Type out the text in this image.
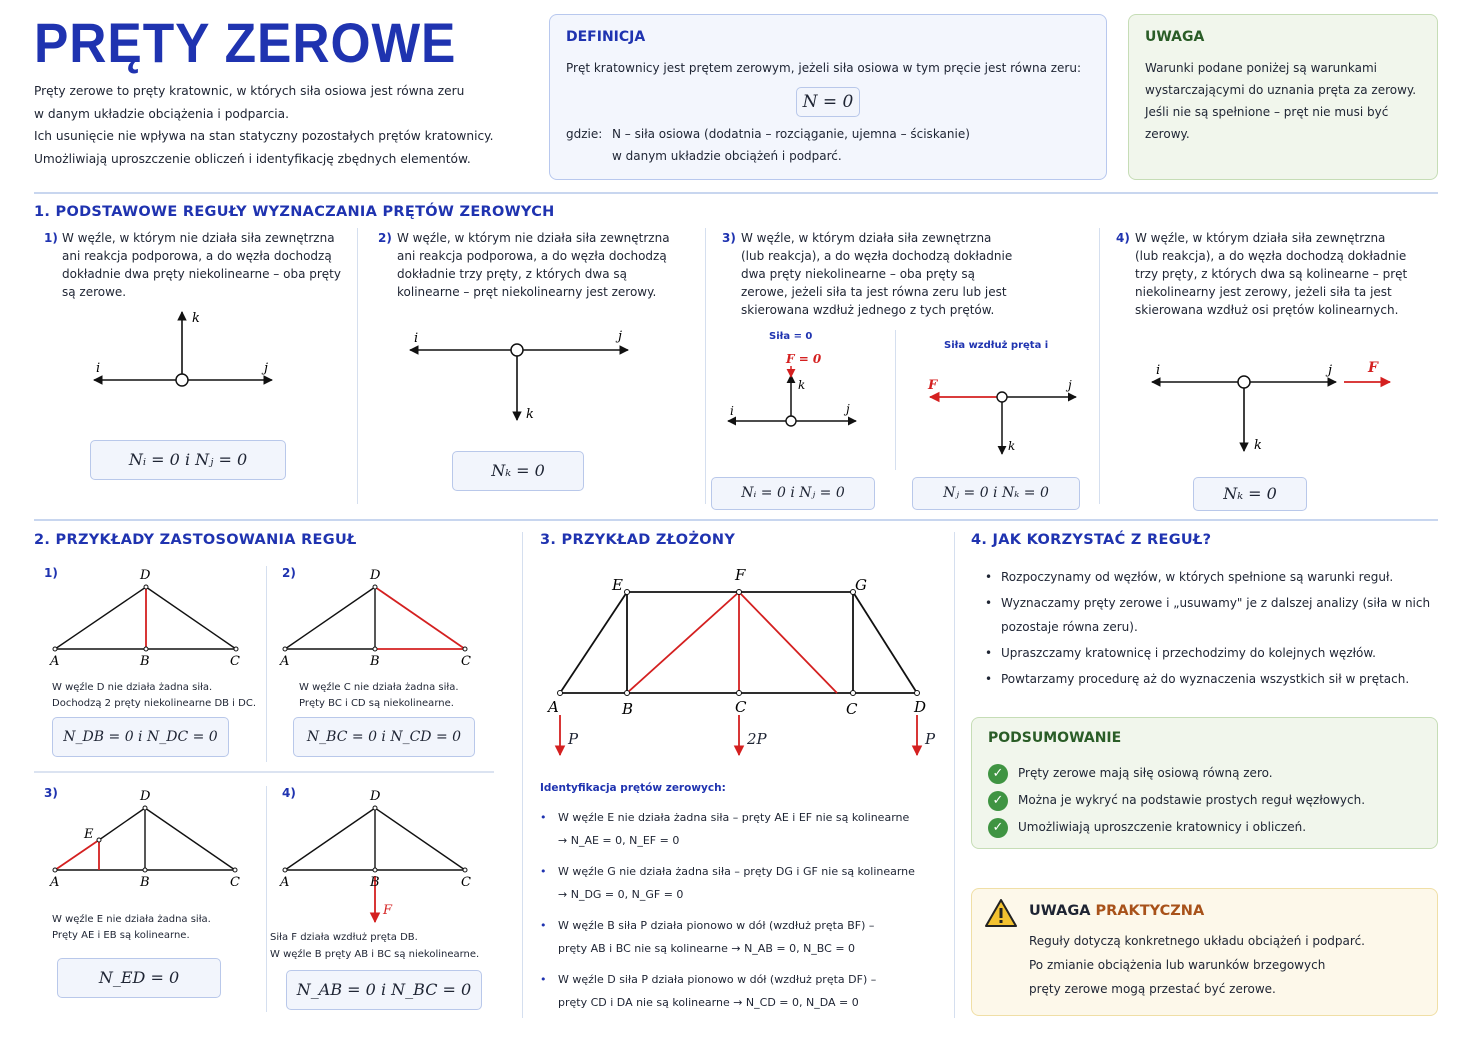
PRĘTY ZEROWE
Pręty zerowe to pręty kratownic, w których siła osiowa jest równa zeru
w danym układzie obciążenia i podparcia.
Ich usunięcie nie wpływa na stan statyczny pozostałych prętów kratownicy.
Umożliwiają uproszczenie obliczeń i identyfikację zbędnych elementów.
DEFINICJA
Pręt kratownicy jest prętem zerowym, jeżeli siła osiowa w tym pręcie jest równa zeru:
N = 0
gdzie: N – siła osiowa (dodatnia – rozciąganie, ujemna – ściskanie)
w danym układzie obciążeń i podparć.
UWAGA
Warunki podane poniżej są warunkami
wystarczającymi do uznania pręta za zerowy.
Jeśli nie są spełnione – pręt nie musi być
zerowy.
1. PODSTAWOWE REGUŁY WYZNACZANIA PRĘTÓW ZEROWYCH
1) W węźle, w którym nie działa siła zewnętrzna
ani reakcja podporowa, a do węzła dochodzą
dokładnie dwa pręty niekolinearne – oba pręty
są zerowe.
i	j
k
Nᵢ = 0 i Nⱼ = 0
2) W węźle, w którym nie działa siła zewnętrzna
ani reakcja podporowa, a do węzła dochodzą
dokładnie trzy pręty, z których dwa są
kolinearne – pręt niekolinearny jest zerowy.
i	j
k
Nₖ = 0
3) W węźle, w którym działa siła zewnętrzna
(lub reakcja), a do węzła dochodzą dokładnie
dwa pręty niekolinearne – oba pręty są
zerowe, jeżeli siła ta jest równa zeru lub jest
skierowana wzdłuż jednego z tych prętów.
Siła = 0
Siła wzdłuż pręta i
F = 0
i	j
k	F	j
k
Nᵢ = 0 i Nⱼ = 0	Nⱼ = 0 i Nₖ = 0
4) W węźle, w którym działa siła zewnętrzna
(lub reakcja), a do węzła dochodzą dokładnie
trzy pręty, z których dwa są kolinearne – pręt
niekolinearny jest zerowy, jeżeli siła ta jest
skierowana wzdłuż osi prętów kolinearnych.
i	j	F
k
Nₖ = 0
2. PRZYKŁADY ZASTOSOWANIA REGUŁ
1)
A	B	C
D
W węźle D nie działa żadna siła.
Dochodzą 2 pręty niekolinearne DB i DC.
N_DB = 0 i N_DC = 0
2)
A	B	C
D
W węźle C nie działa żadna siła.
Pręty BC i CD są niekolinearne.
N_BC = 0 i N_CD = 0
3)
A	B	C
D
E
W węźle E nie działa żadna siła.
Pręty AE i EB są kolinearne.
N_ED = 0
4)
A	B	C
D
F
Siła F działa wzdłuż pręta DB.
W węźle B pręty AB i BC są niekolinearne.
N_AB = 0 i N_BC = 0
3. PRZYKŁAD ZŁOŻONY
E
F
G
A	B	C	C	D
P	2P	P
Identyfikacja prętów zerowych:
• W węźle E nie działa żadna siła – pręty AE i EF nie są kolinearne
→ N_AE = 0, N_EF = 0
• W węźle G nie działa żadna siła – pręty DG i GF nie są kolinearne
→ N_DG = 0, N_GF = 0
• W węźle B siła P działa pionowo w dół (wzdłuż pręta BF) –
pręty AB i BC nie są kolinearne → N_AB = 0, N_BC = 0
• W węźle D siła P działa pionowo w dół (wzdłuż pręta DF) –
pręty CD i DA nie są kolinearne → N_CD = 0, N_DA = 0
4. JAK KORZYSTAĆ Z REGUŁ?
• Rozpoczynamy od węzłów, w których spełnione są warunki reguł.
• Wyznaczamy pręty zerowe i „usuwamy" je z dalszej analizy (siła w nich
pozostaje równa zeru).
• Upraszczamy kratownicę i przechodzimy do kolejnych węzłów.
• Powtarzamy procedurę aż do wyznaczenia wszystkich sił w prętach.
PODSUMOWANIE
✓ Pręty zerowe mają siłę osiową równą zero.
✓ Można je wykryć na podstawie prostych reguł węzłowych.
✓ Umożliwiają uproszczenie kratownicy i obliczeń.
UWAGA PRAKTYCZNA
Reguły dotyczą konkretnego układu obciążeń i podparć.
Po zmianie obciążenia lub warunków brzegowych
pręty zerowe mogą przestać być zerowe.
